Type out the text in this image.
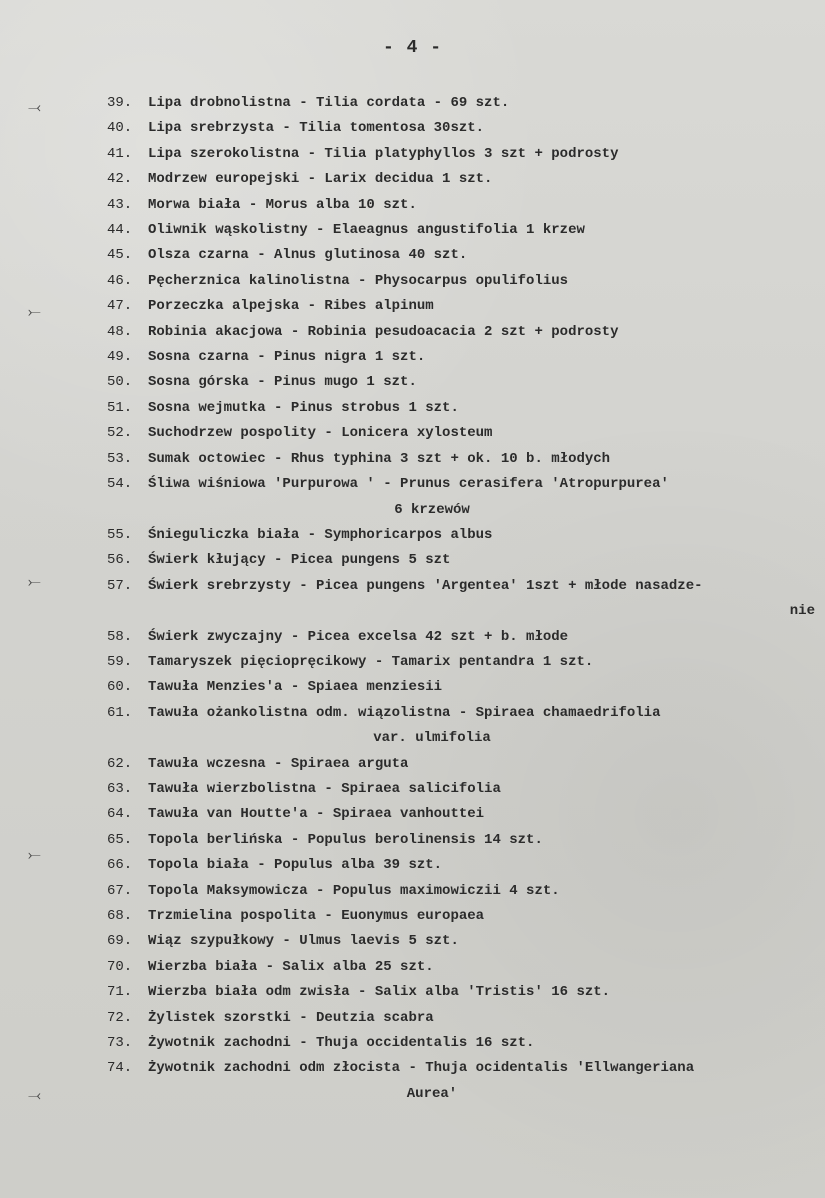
- 4 -
⤙
⤚
⤚
⤚
⤙
39. Lipa drobnolistna - Tilia cordata - 69 szt.
40. Lipa srebrzysta - Tilia tomentosa 30szt.
41. Lipa szerokolistna - Tilia platyphyllos 3 szt + podrosty
42. Modrzew europejski - Larix decidua 1 szt.
43. Morwa biała - Morus alba 10 szt.
44. Oliwnik wąskolistny - Elaeagnus angustifolia 1 krzew
45. Olsza czarna - Alnus glutinosa 40 szt.
46. Pęcherznica kalinolistna - Physocarpus opulifolius
47. Porzeczka alpejska - Ribes alpinum
48. Robinia akacjowa - Robinia pesudoacacia 2 szt + podrosty
49. Sosna czarna - Pinus nigra 1 szt.
50. Sosna górska - Pinus mugo 1 szt.
51. Sosna wejmutka - Pinus strobus 1 szt.
52. Suchodrzew pospolity - Lonicera xylosteum
53. Sumak octowiec - Rhus typhina 3 szt + ok. 10 b. młodych
54. Śliwa wiśniowa 'Purpurowa ' - Prunus cerasifera 'Atropurpurea'
6 krzewów
55. Śnieguliczka biała - Symphoricarpos albus
56. Świerk kłujący - Picea pungens 5 szt
57. Świerk srebrzysty - Picea pungens 'Argentea' 1szt + młode nasadze-
nie
58. Świerk zwyczajny - Picea excelsa 42 szt + b. młode
59. Tamaryszek pięciopręcikowy - Tamarix pentandra 1 szt.
60. Tawuła Menzies'a - Spiaea menziesii
61. Tawuła ożankolistna odm. wiązolistna - Spiraea chamaedrifolia
var. ulmifolia
62. Tawuła wczesna - Spiraea arguta
63. Tawuła wierzbolistna - Spiraea salicifolia
64. Tawuła van Houtte'a - Spiraea vanhouttei
65. Topola berlińska - Populus berolinensis 14 szt.
66. Topola biała - Populus alba 39 szt.
67.Topola Maksymowicza - Populus maximowiczii 4 szt.
68. Trzmielina pospolita - Euonymus europaea
69. Wiąz szypułkowy - Ulmus laevis 5 szt.
70. Wierzba biała - Salix alba 25 szt.
71. Wierzba biała odm zwisła - Salix alba 'Tristis' 16 szt.
72. Żylistek szorstki - Deutzia scabra
73. Żywotnik zachodni - Thuja occidentalis 16 szt.
74. Żywotnik zachodni odm złocista - Thuja ocidentalis 'Ellwangeriana
Aurea'
